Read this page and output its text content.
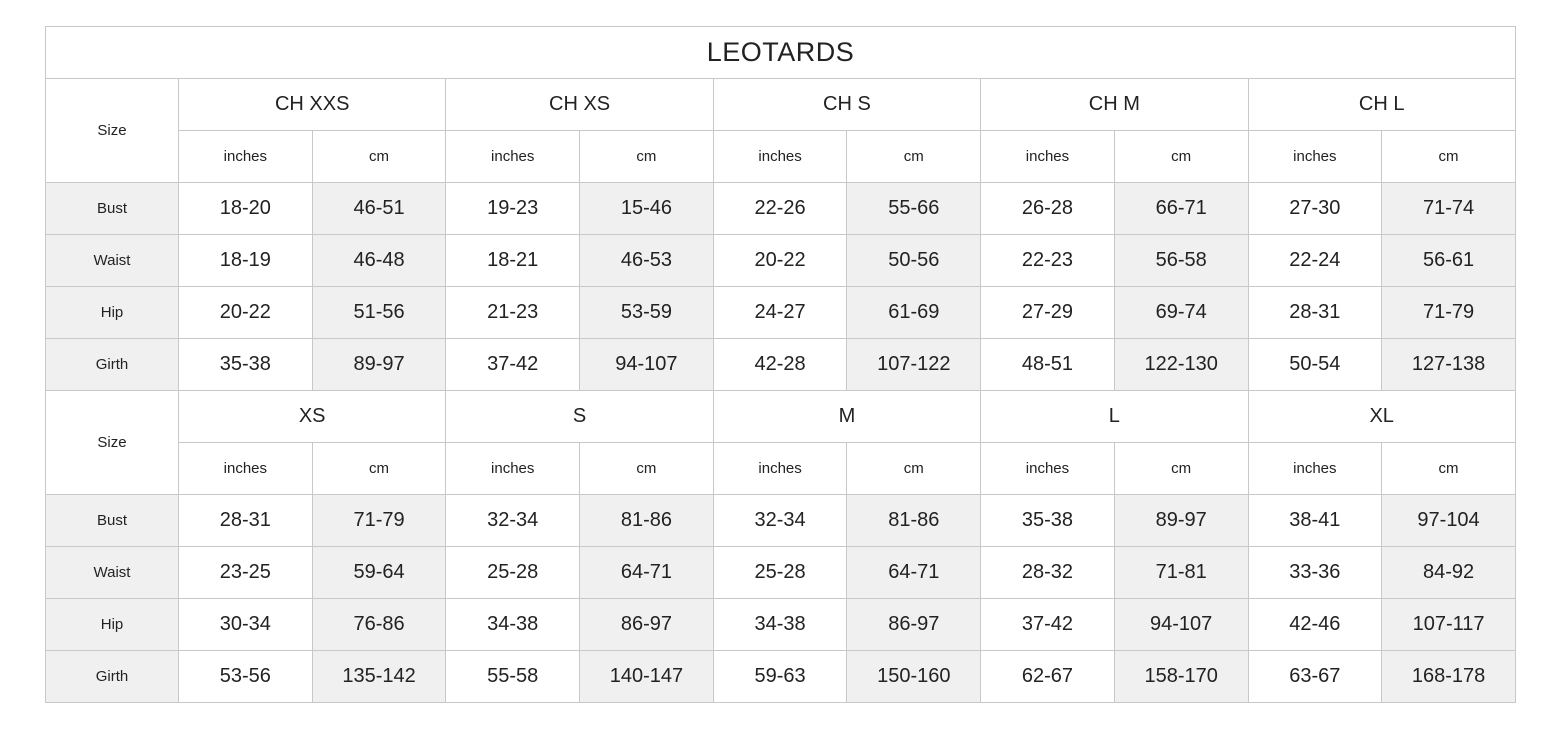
LEOTARDS										
Size	CH XXS		CH XS		CH S		CH M		CH L	
	inches	cm	inches	cm	inches	cm	inches	cm	inches	cm
Bust	18-20	46-51	19-23	15-46	22-26	55-66	26-28	66-71	27-30	71-74
Waist	18-19	46-48	18-21	46-53	20-22	50-56	22-23	56-58	22-24	56-61
Hip	20-22	51-56	21-23	53-59	24-27	61-69	27-29	69-74	28-31	71-79
Girth	35-38	89-97	37-42	94-107	42-28	107-122	48-51	122-130	50-54	127-138
Size	XS		S		M		L		XL	
	inches	cm	inches	cm	inches	cm	inches	cm	inches	cm
Bust	28-31	71-79	32-34	81-86	32-34	81-86	35-38	89-97	38-41	97-104
Waist	23-25	59-64	25-28	64-71	25-28	64-71	28-32	71-81	33-36	84-92
Hip	30-34	76-86	34-38	86-97	34-38	86-97	37-42	94-107	42-46	107-117
Girth	53-56	135-142	55-58	140-147	59-63	150-160	62-67	158-170	63-67	168-178
